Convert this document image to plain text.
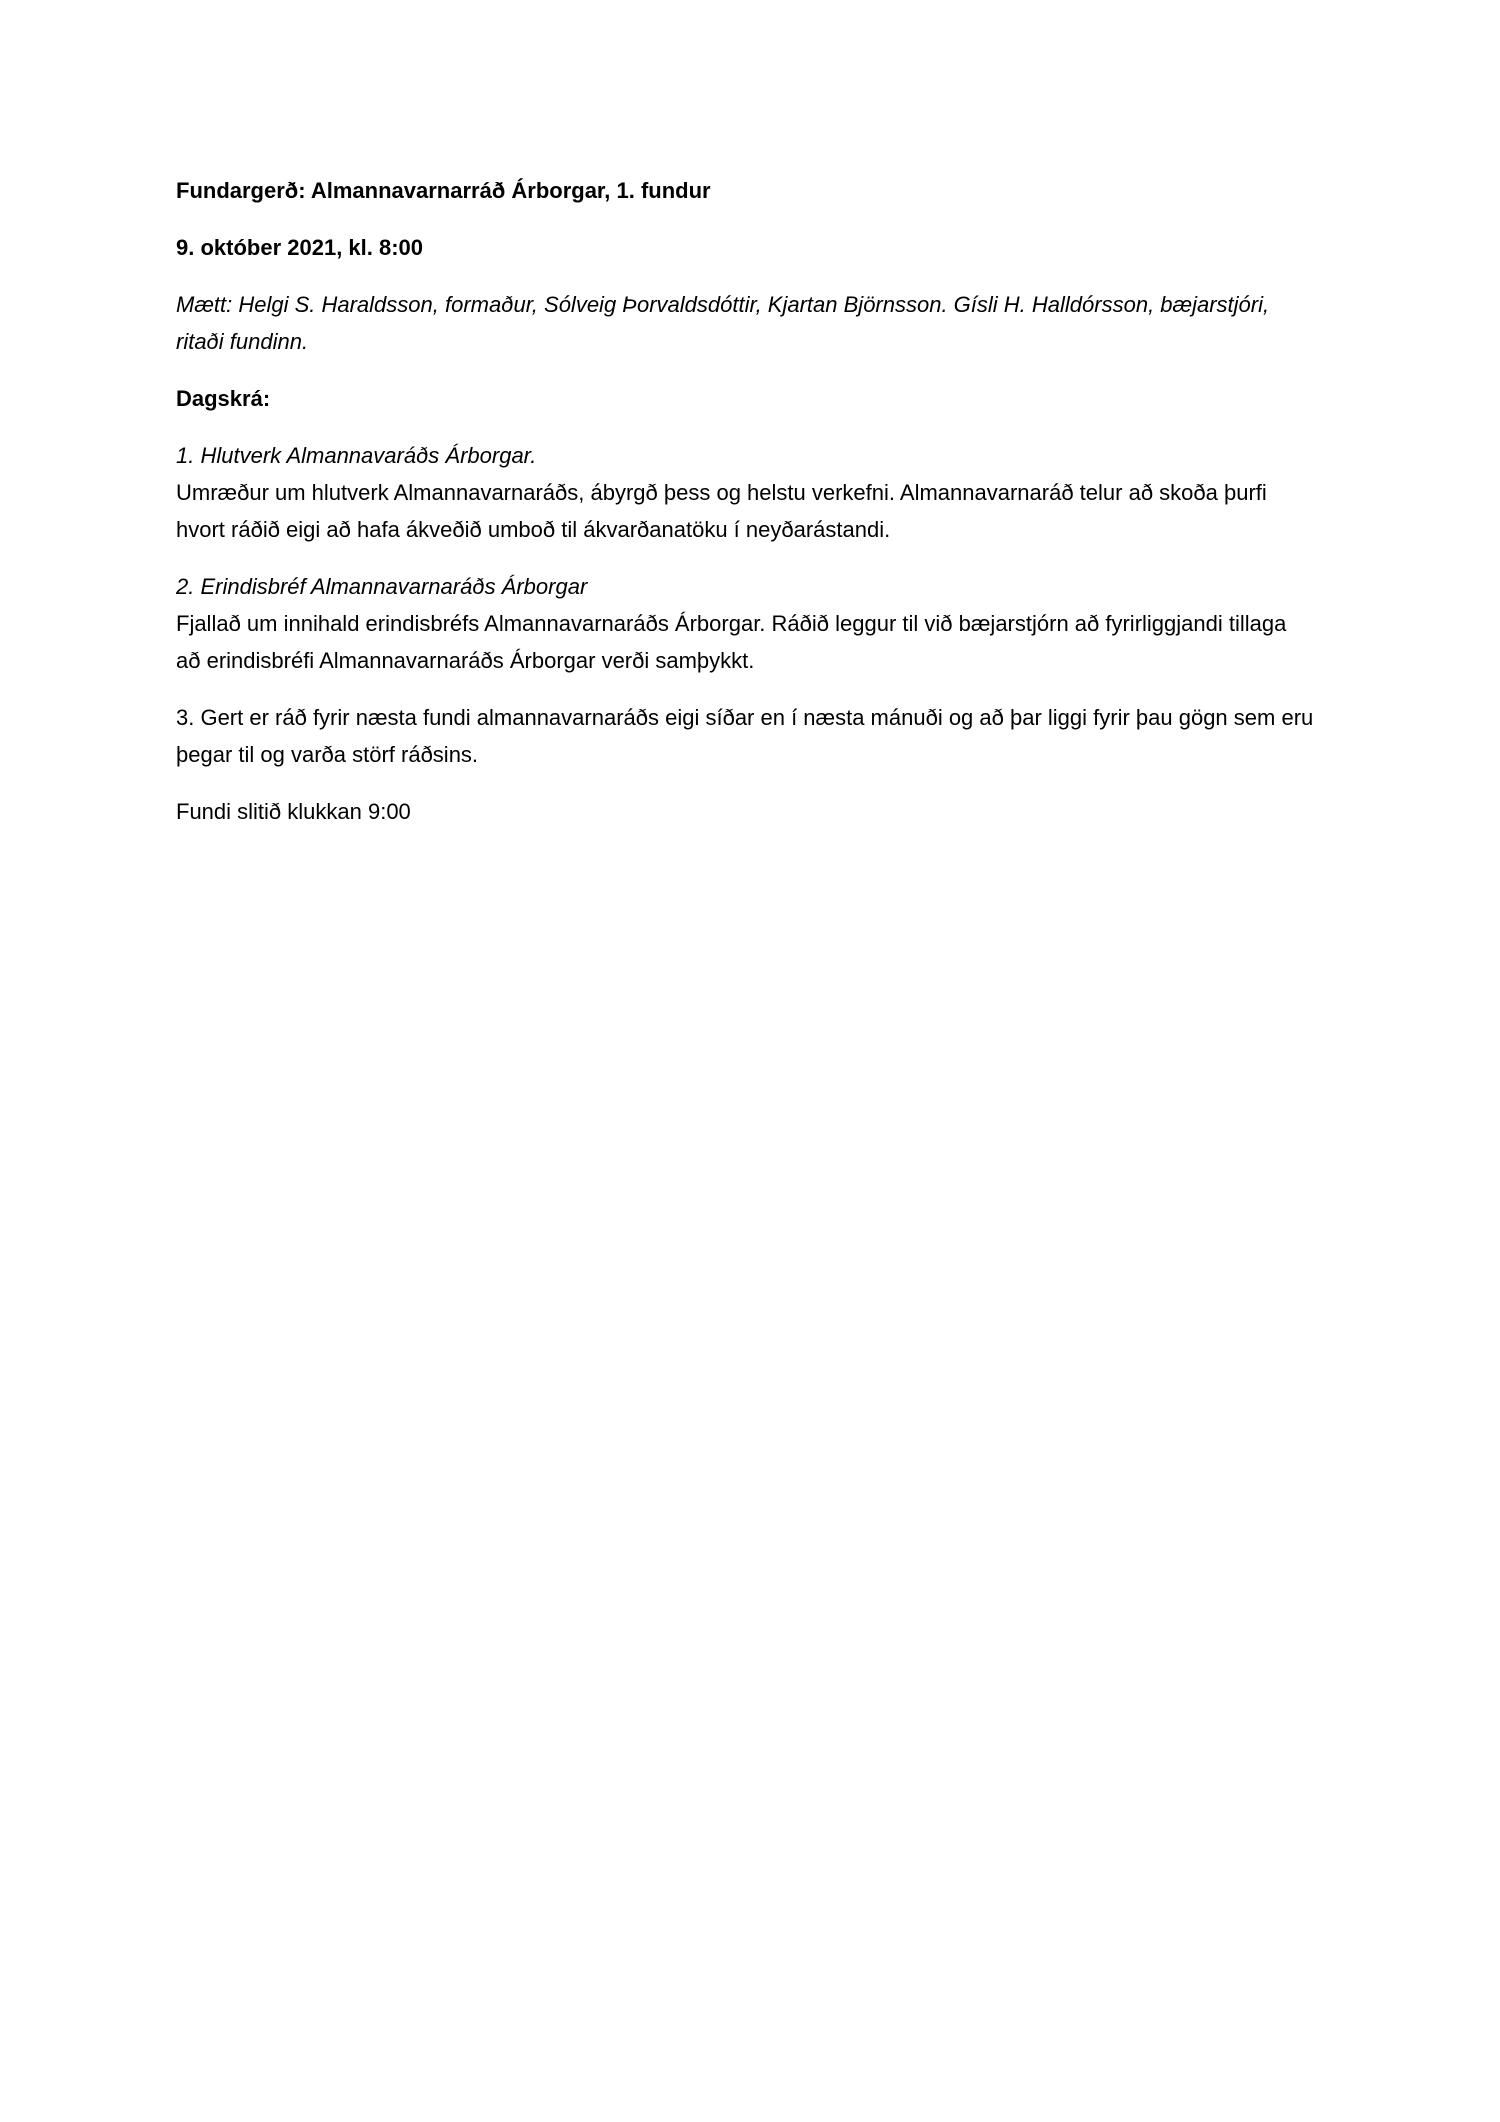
Fundargerð: Almannavarnarráð Árborgar, 1. fundur

9. október 2021, kl. 8:00

Mætt: Helgi S. Haraldsson, formaður, Sólveig Þorvaldsdóttir, Kjartan Björnsson. Gísli H. Halldórsson, bæjarstjóri, ritaði fundinn.

Dagskrá:

1. Hlutverk Almannavaráðs Árborgar.
Umræður um hlutverk Almannavarnaráðs, ábyrgð þess og helstu verkefni. Almannavarnaráð telur að skoða þurfi hvort ráðið eigi að hafa ákveðið umboð til ákvarðanatöku í neyðarástandi.
2. Erindisbréf Almannavarnaráðs Árborgar
Fjallað um innihald erindisbréfs Almannavarnaráðs Árborgar. Ráðið leggur til við bæjarstjórn að fyrirliggjandi tillaga að erindisbréfi Almannavarnaráðs Árborgar verði samþykkt.

3. Gert er ráð fyrir næsta fundi almannavarnaráðs eigi síðar en í næsta mánuði og að þar liggi fyrir þau gögn sem eru þegar til og varða störf ráðsins.

Fundi slitið klukkan 9:00
